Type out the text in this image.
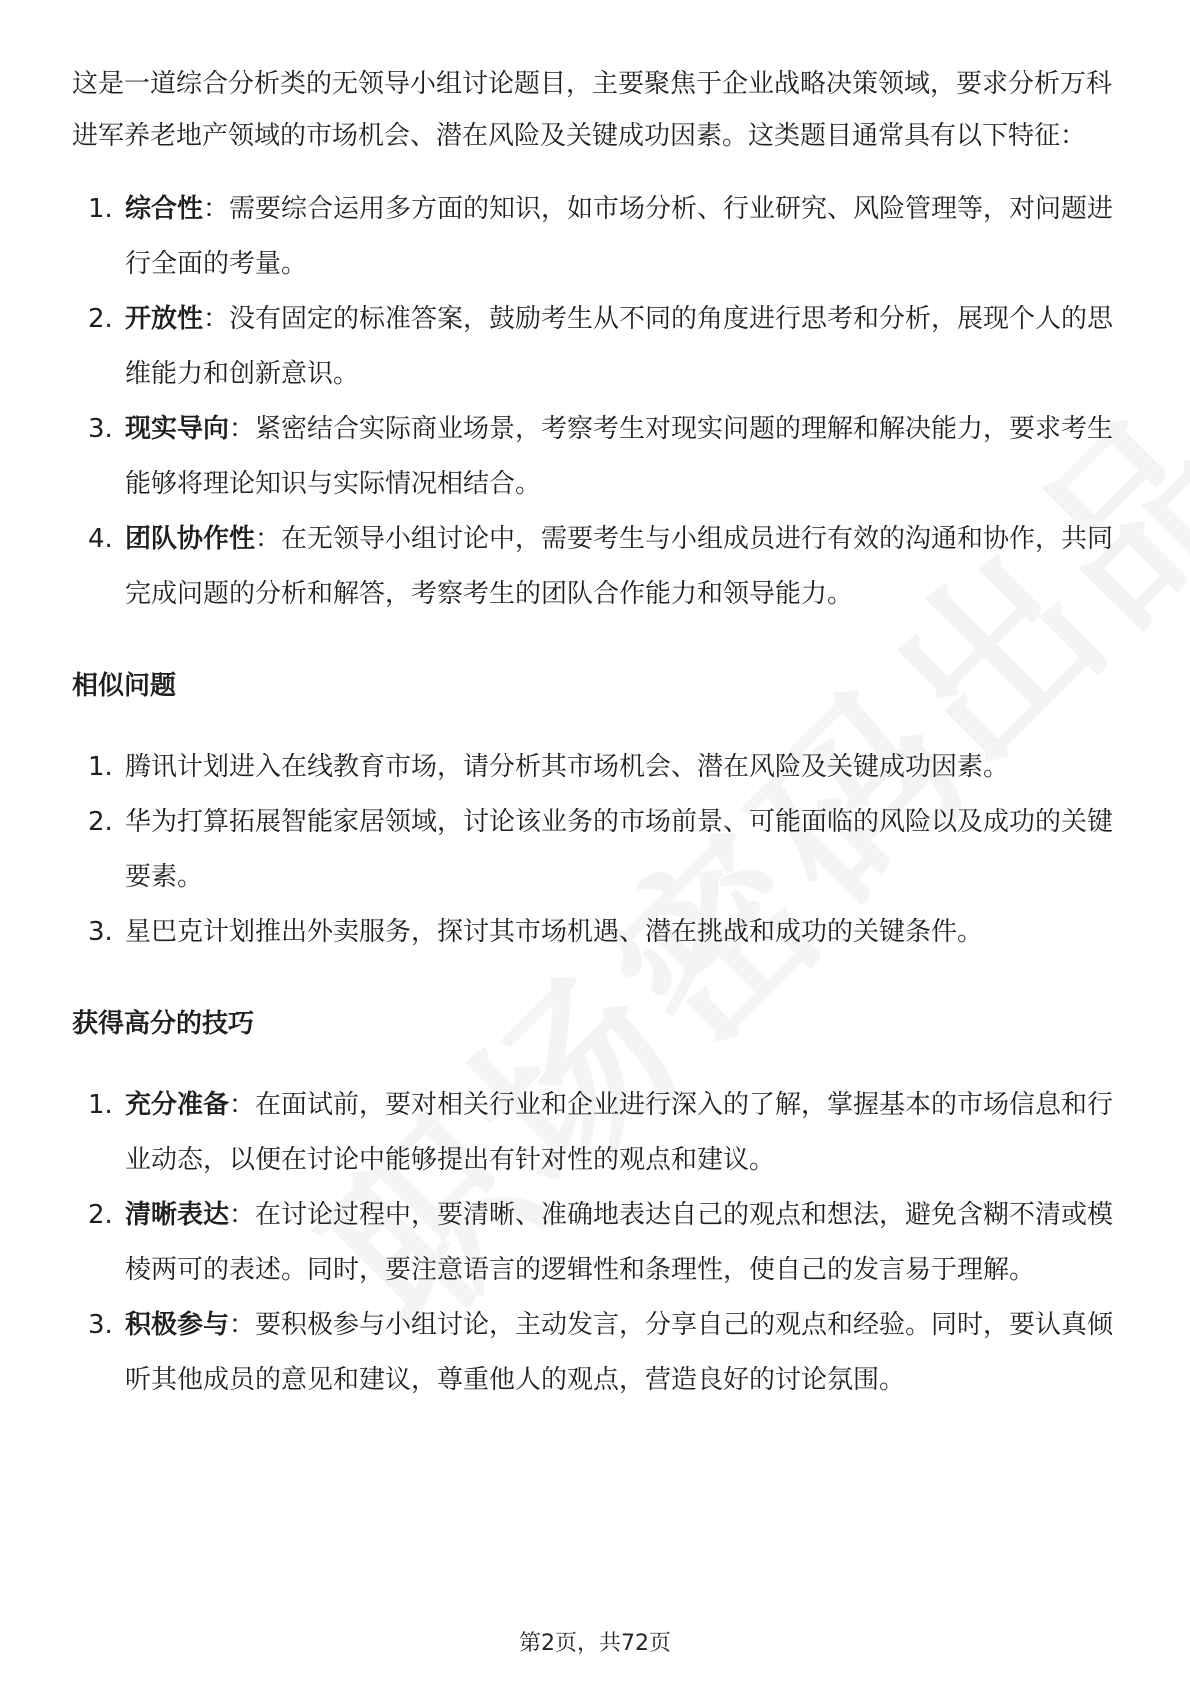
这是一道综合分析类的无领导小组讨论题目，主要聚焦于企业战略决策领域，要求分析万科进军养老地产领域的市场机会、潜在风险及关键成功因素。这类题目通常具有以下特征：

1. 综合性：需要综合运用多方面的知识，如市场分析、行业研究、风险管理等，对问题进行全面的考量。
2. 开放性：没有固定的标准答案，鼓励考生从不同的角度进行思考和分析，展现个人的思维能力和创新意识。
3. 现实导向：紧密结合实际商业场景，考察考生对现实问题的理解和解决能力，要求考生能够将理论知识与实际情况相结合。
4. 团队协作性：在无领导小组讨论中，需要考生与小组成员进行有效的沟通和协作，共同完成问题的分析和解答，考察考生的团队合作能力和领导能力。

相似问题

1. 腾讯计划进入在线教育市场，请分析其市场机会、潜在风险及关键成功因素。
2. 华为打算拓展智能家居领域，讨论该业务的市场前景、可能面临的风险以及成功的关键要素。
3. 星巴克计划推出外卖服务，探讨其市场机遇、潜在挑战和成功的关键条件。

获得高分的技巧

1. 充分准备：在面试前，要对相关行业和企业进行深入的了解，掌握基本的市场信息和行业动态，以便在讨论中能够提出有针对性的观点和建议。
2. 清晰表达：在讨论过程中，要清晰、准确地表达自己的观点和想法，避免含糊不清或模棱两可的表述。同时，要注意语言的逻辑性和条理性，使自己的发言易于理解。
3. 积极参与：要积极参与小组讨论，主动发言，分享自己的观点和经验。同时，要认真倾听其他成员的意见和建议，尊重他人的观点，营造良好的讨论氛围。
第2页，共72页
